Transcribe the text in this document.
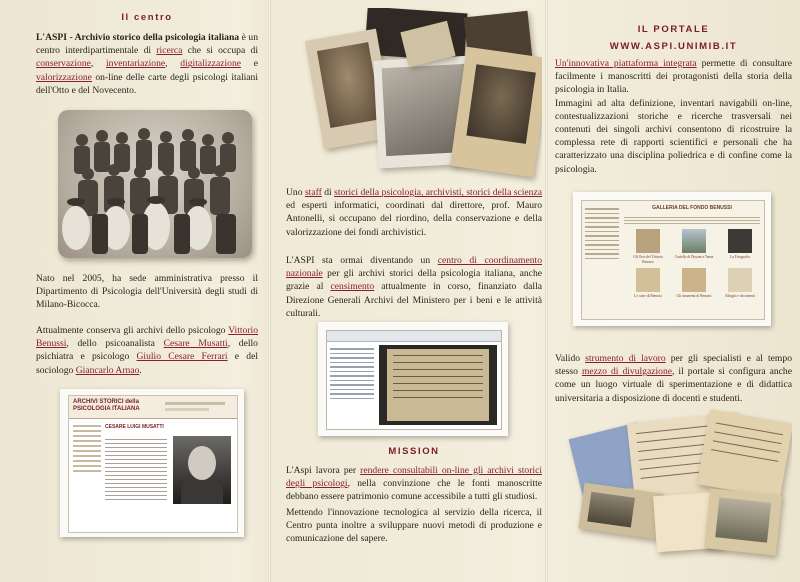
Il centro

L'ASPI - Archivio storico della psicologia italiana è un centro interdipartimentale di ricerca che si occupa di conservazione, inventariazione, digitalizzazione e valorizzazione on-line delle carte degli psicologi italiani dell'Otto e del Novecento.

Nato nel 2005, ha sede amministrativa presso il Dipartimento di Psicologia dell'Università degli studi di Milano-Bicocca.

Attualmente conserva gli archivi dello psicologo Vittorio Benussi, dello psicoanalista Cesare Musatti, dello psichiatra e psicologo Giulio Cesare Ferrari e del sociologo Giancarlo Arnao.

ARCHIVI STORICI della PSICOLOGIA ITALIANA
CESARE LUIGI MUSATTI

Uno staff di storici della psicologia, archivisti, storici della scienza ed esperti informatici, coordinati dal direttore, prof. Mauro Antonelli, si occupano del riordino, della conservazione e della valorizzazione dei fondi archivistici.

L'ASPI sta ormai diventando un centro di coordinamento nazionale per gli archivi storici della psicologia italiana, anche grazie al censimento attualmente in corso, finanziato dalla Direzione Generali Archivi del Ministero per i beni e le attività culturali.

MISSION

L'Aspi lavora per rendere consultabili on-line gli archivi storici degli psicologi, nella convinzione che le fonti manoscritte debbano essere patrimonio comune accessibile a tutti gli studiosi.

Mettendo l'innovazione tecnologica al servizio della ricerca, il Centro punta inoltre a sviluppare nuovi metodi di produzione e comunicazione del sapere.

IL PORTALE
WWW.ASPI.UNIMIB.IT

Un'innovativa piattaforma integrata permette di consultare facilmente i manoscritti dei protagonisti della storia della psicologia in Italia.

Immagini ad alta definizione, inventari navigabili on-line, contestualizzazioni storiche e ricerche trasversali nei contenuti dei singoli archivi consentono di ricostruire la complessa rete di rapporti scientifici e personali che ha caratterizzato una disciplina poliedrica e di confine come la psicologia.

GALLERIA DEL FONDO BENUSSI
Gli Orto del Vittorio Benussi
Castello di Doyant e Tenaz	La Fotografia
Le carte di Benussi	Gli strumenti di Benussi	Allegati e documenti

Valido strumento di lavoro per gli specialisti e al tempo stesso mezzo di divulgazione, il portale si configura anche come un luogo virtuale di sperimentazione e di didattica universitaria a disposizione di docenti e studenti.
